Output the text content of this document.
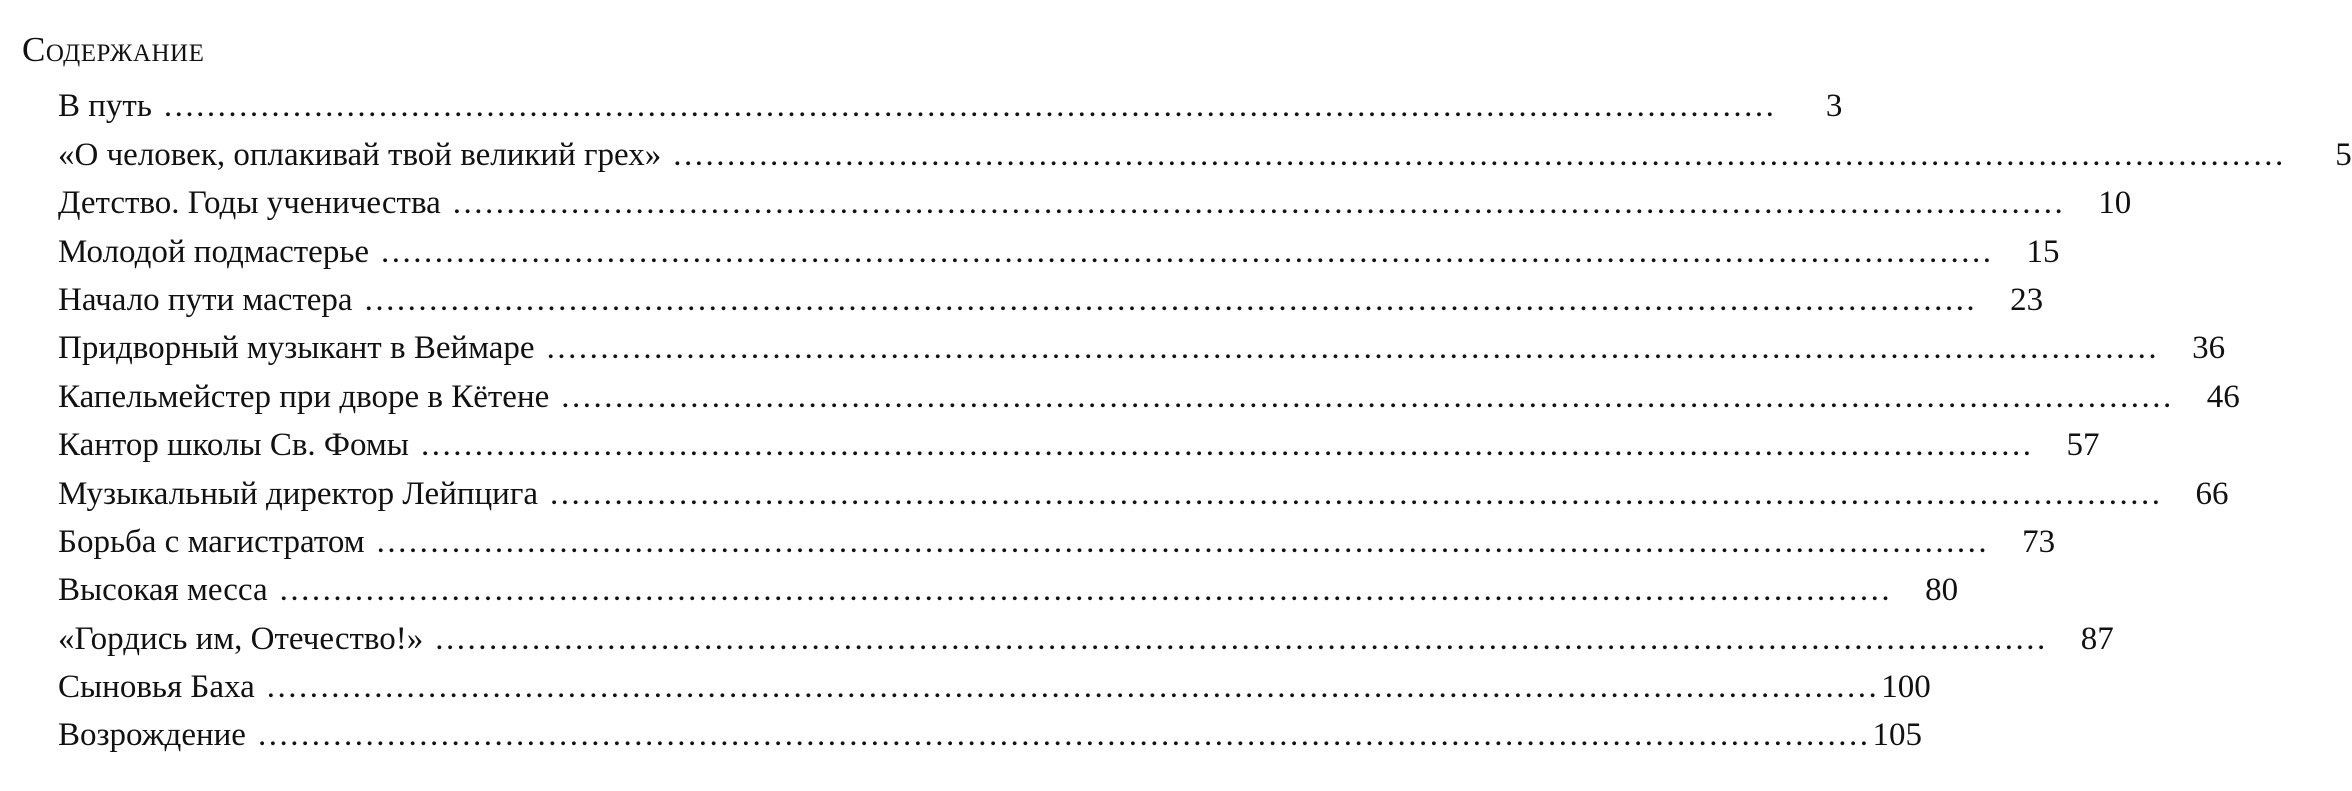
Содержание
В путь ......................................................................................................................................................	3
«О человек, оплакивай твой великий грех» ......................................................................................................................................................	5
Детство. Годы ученичества ......................................................................................................................................................	10
Молодой подмастерье ......................................................................................................................................................	15
Начало пути мастера ......................................................................................................................................................	23
Придворный музыкант в Веймаре ......................................................................................................................................................	36
Капельмейстер при дворе в Кётене ......................................................................................................................................................	46
Кантор школы Св. Фомы ......................................................................................................................................................	57
Музыкальный директор Лейпцига ......................................................................................................................................................	66
Борьба с магистратом ......................................................................................................................................................	73
Высокая месса ......................................................................................................................................................	80
«Гордись им, Отечество!» ......................................................................................................................................................	87
Сыновья Баха ...................................................................................................................................................... 100
Возрождение ...................................................................................................................................................... 105
